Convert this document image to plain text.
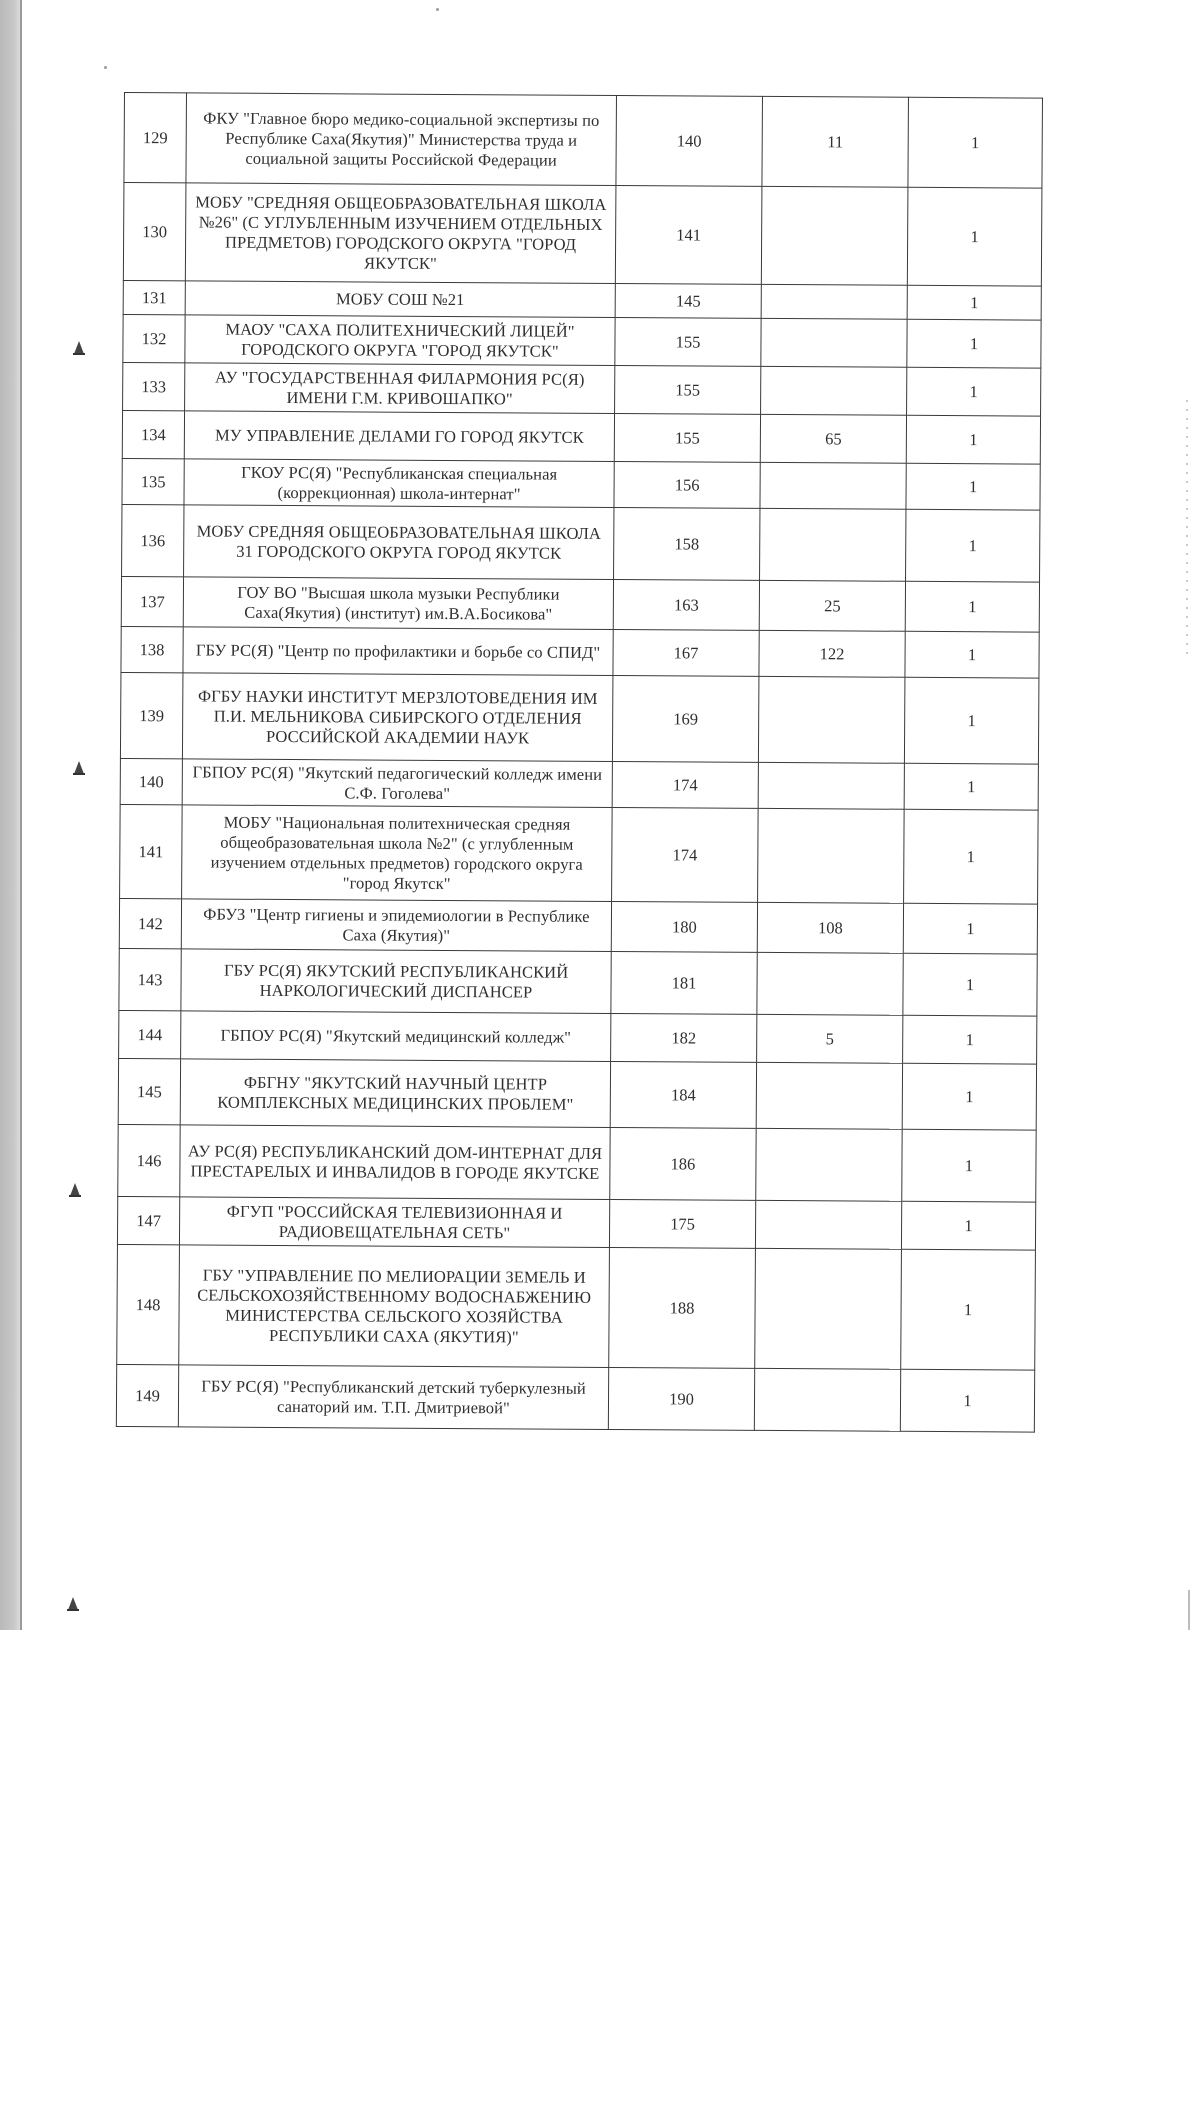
129	ФКУ "Главное бюро медико-социальной экспертизы по Республике Саха(Якутия)" Министерства труда и социальной защиты Российской Федерации	140	11	1
130	МОБУ "СРЕДНЯЯ ОБЩЕОБРАЗОВАТЕЛЬНАЯ ШКОЛА №26" (С УГЛУБЛЕННЫМ ИЗУЧЕНИЕМ ОТДЕЛЬНЫХ ПРЕДМЕТОВ) ГОРОДСКОГО ОКРУГА "ГОРОД ЯКУТСК"	141		1
131	МОБУ СОШ №21	145		1
132	МАОУ "САХА ПОЛИТЕХНИЧЕСКИЙ ЛИЦЕЙ" ГОРОДСКОГО ОКРУГА "ГОРОД ЯКУТСК"	155		1
133	АУ "ГОСУДАРСТВЕННАЯ ФИЛАРМОНИЯ РС(Я) ИМЕНИ Г.М. КРИВОШАПКО"	155		1
134	МУ УПРАВЛЕНИЕ ДЕЛАМИ ГО ГОРОД ЯКУТСК	155	65	1
135	ГКОУ РС(Я) "Республиканская специальная (коррекционная) школа-интернат"	156		1
136	МОБУ СРЕДНЯЯ ОБЩЕОБРАЗОВАТЕЛЬНАЯ ШКОЛА 31 ГОРОДСКОГО ОКРУГА ГОРОД ЯКУТСК	158		1
137	ГОУ ВО "Высшая школа музыки Республики Саха(Якутия) (институт) им.В.А.Босикова"	163	25	1
138	ГБУ РС(Я) "Центр по профилактики и борьбе со СПИД"	167	122	1
139	ФГБУ НАУКИ ИНСТИТУТ МЕРЗЛОТОВЕДЕНИЯ ИМ П.И. МЕЛЬНИКОВА СИБИРСКОГО ОТДЕЛЕНИЯ РОССИЙСКОЙ АКАДЕМИИ НАУК	169		1
140	ГБПОУ РС(Я) "Якутский педагогический колледж имени С.Ф. Гоголева"	174		1
141	МОБУ "Национальная политехническая средняя общеобразовательная школа №2" (с углубленным изучением отдельных предметов) городского округа "город Якутск"	174		1
142	ФБУЗ "Центр гигиены и эпидемиологии в Республике Саха (Якутия)"	180	108	1
143	ГБУ РС(Я) ЯКУТСКИЙ РЕСПУБЛИКАНСКИЙ НАРКОЛОГИЧЕСКИЙ ДИСПАНСЕР	181		1
144	ГБПОУ РС(Я) "Якутский медицинский колледж"	182	5	1
145	ФБГНУ "ЯКУТСКИЙ НАУЧНЫЙ ЦЕНТР КОМПЛЕКСНЫХ МЕДИЦИНСКИХ ПРОБЛЕМ"	184		1
146	АУ РС(Я) РЕСПУБЛИКАНСКИЙ ДОМ-ИНТЕРНАТ ДЛЯ ПРЕСТАРЕЛЫХ И ИНВАЛИДОВ В ГОРОДЕ ЯКУТСКЕ	186		1
147	ФГУП "РОССИЙСКАЯ ТЕЛЕВИЗИОННАЯ И РАДИОВЕЩАТЕЛЬНАЯ СЕТЬ"	175		1
148	ГБУ "УПРАВЛЕНИЕ ПО МЕЛИОРАЦИИ ЗЕМЕЛЬ И СЕЛЬСКОХОЗЯЙСТВЕННОМУ ВОДОСНАБЖЕНИЮ МИНИСТЕРСТВА СЕЛЬСКОГО ХОЗЯЙСТВА РЕСПУБЛИКИ САХА (ЯКУТИЯ)"	188		1
149	ГБУ РС(Я) "Республиканский детский туберкулезный санаторий им. Т.П. Дмитриевой"	190		1
